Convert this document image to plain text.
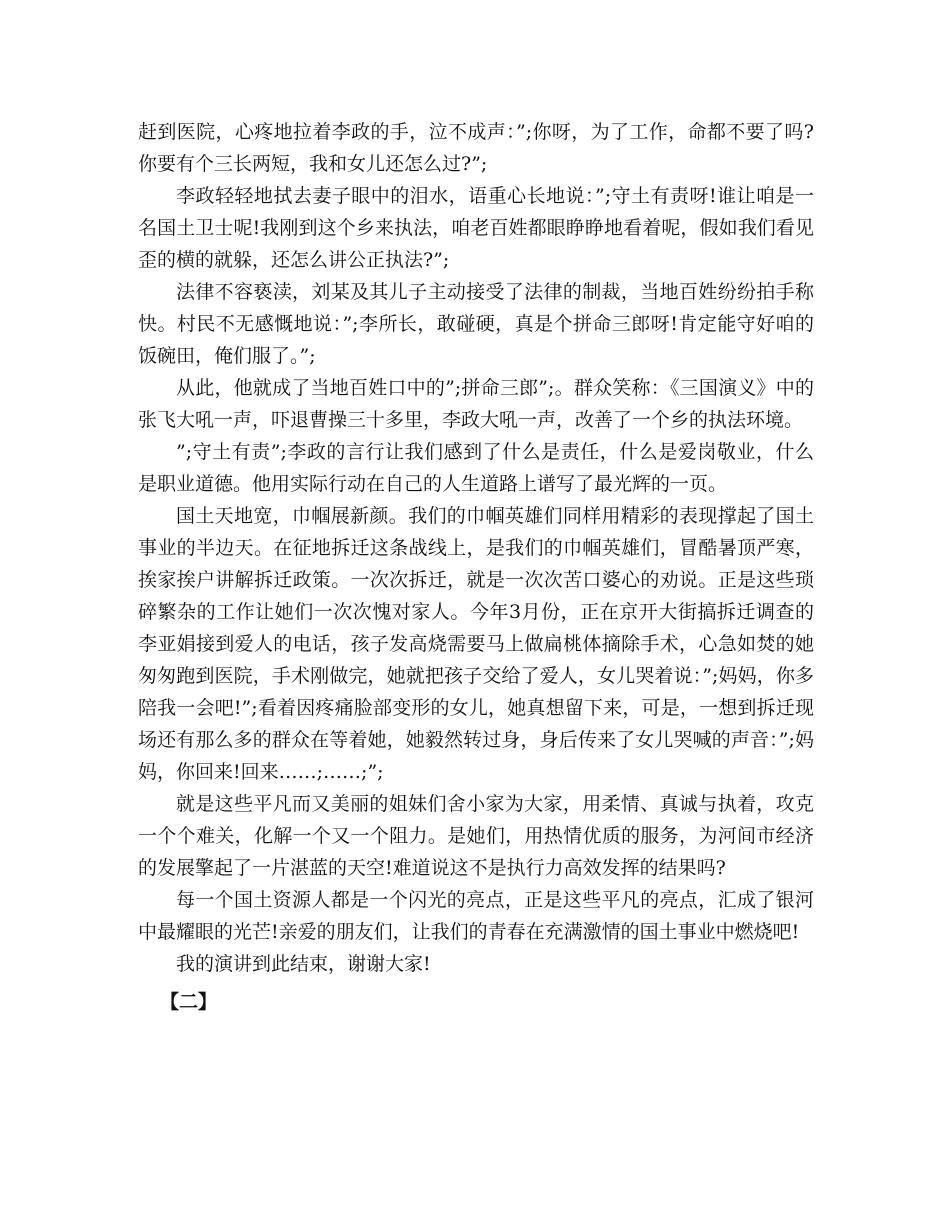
赶到医院，心疼地拉着李政的手，泣不成声：”;你呀，为了工作，命都不要了吗?你要有个三长两短，我和女儿还怎么过?”;

李政轻轻地拭去妻子眼中的泪水，语重心长地说：”;守土有责呀!谁让咱是一名国土卫士呢!我刚到这个乡来执法，咱老百姓都眼睁睁地看着呢，假如我们看见歪的横的就躲，还怎么讲公正执法?”;

法律不容亵渎，刘某及其儿子主动接受了法律的制裁，当地百姓纷纷拍手称快。村民不无感慨地说：”;李所长，敢碰硬，真是个拼命三郎呀!肯定能守好咱的饭碗田，俺们服了。”;

从此，他就成了当地百姓口中的”;拼命三郎”;。群众笑称：《三国演义》中的张飞大吼一声，吓退曹操三十多里，李政大吼一声，改善了一个乡的执法环境。

”;守土有责”;李政的言行让我们感到了什么是责任，什么是爱岗敬业，什么是职业道德。他用实际行动在自己的人生道路上谱写了最光辉的一页。

国土天地宽，巾帼展新颜。我们的巾帼英雄们同样用精彩的表现撑起了国土事业的半边天。在征地拆迁这条战线上，是我们的巾帼英雄们，冒酷暑顶严寒，挨家挨户讲解拆迁政策。一次次拆迁，就是一次次苦口婆心的劝说。正是这些琐碎繁杂的工作让她们一次次愧对家人。今年3月份，正在京开大街搞拆迁调查的李亚娟接到爱人的电话，孩子发高烧需要马上做扁桃体摘除手术，心急如焚的她匆匆跑到医院，手术刚做完，她就把孩子交给了爱人，女儿哭着说：”;妈妈，你多陪我一会吧!”;看着因疼痛脸部变形的女儿，她真想留下来，可是，一想到拆迁现场还有那么多的群众在等着她，她毅然转过身，身后传来了女儿哭喊的声音：”;妈妈，你回来!回来……;……;”;

就是这些平凡而又美丽的姐妹们舍小家为大家，用柔情、真诚与执着，攻克一个个难关，化解一个又一个阻力。是她们，用热情优质的服务，为河间市经济的发展擎起了一片湛蓝的天空!难道说这不是执行力高效发挥的结果吗?

每一个国土资源人都是一个闪光的亮点，正是这些平凡的亮点，汇成了银河中最耀眼的光芒!亲爱的朋友们，让我们的青春在充满激情的国土事业中燃烧吧!

我的演讲到此结束，谢谢大家!

【二】
